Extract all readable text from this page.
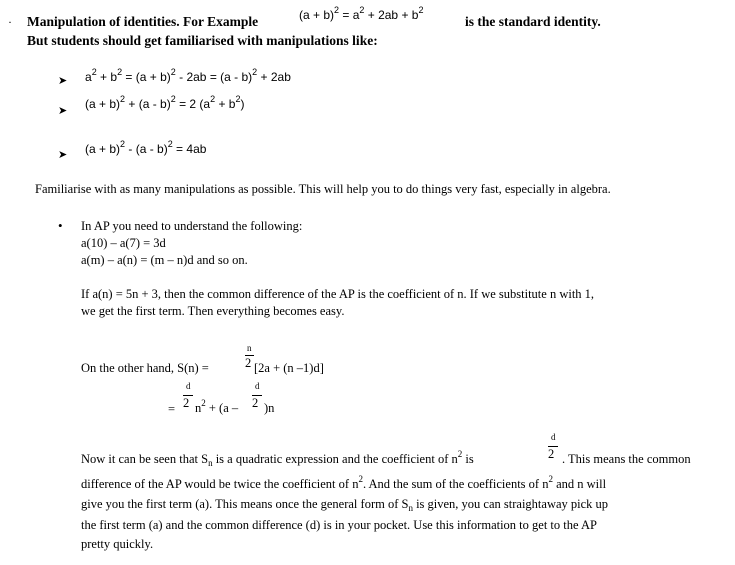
· Manipulation of identities. For Example	$(a + b)^2 = a^2 + 2ab + b^2$
is the standard identity.
But students should get familiarised with manipulations like:
➤ $a^2 + b^2 = (a + b)^2 - 2ab = (a - b)^2 + 2ab$
➤ $(a + b)^2 + (a - b)^2 = 2$ $(a^2 + b^2)$
➤ $(a + b)^2 - (a - b)^2 = 4ab$
Familiarise with as many manipulations as possible. This will help you to do things very fast, especially in algebra.
• In AP you need to understand the following:
a(10) – a(7) = 3d
a(m) – a(n) = (m – n)d and so on.
If a(n) = 5n + 3, then the common difference of the AP is the coefficient of n. If we substitute n with 1,
we get the first term. Then everything becomes easy.
On the other hand, S(n) =
n
2 [2a + (n –1)d]
=
d
2 $n^2 + (a$ –
d
2 )n
Now it can be seen that $S_n$ is a quadratic expression and the coefficient of $n^2$ is
d
2 . This means the common
difference of the AP would be twice the coefficient of $n^2$. And the sum of the coefficients of $n^2$ and n will
give you the first term (a). This means once the general form of $S_n$ is given, you can straightaway pick up
the first term (a) and the common difference (d) is in your pocket. Use this information to get to the AP
pretty quickly.
